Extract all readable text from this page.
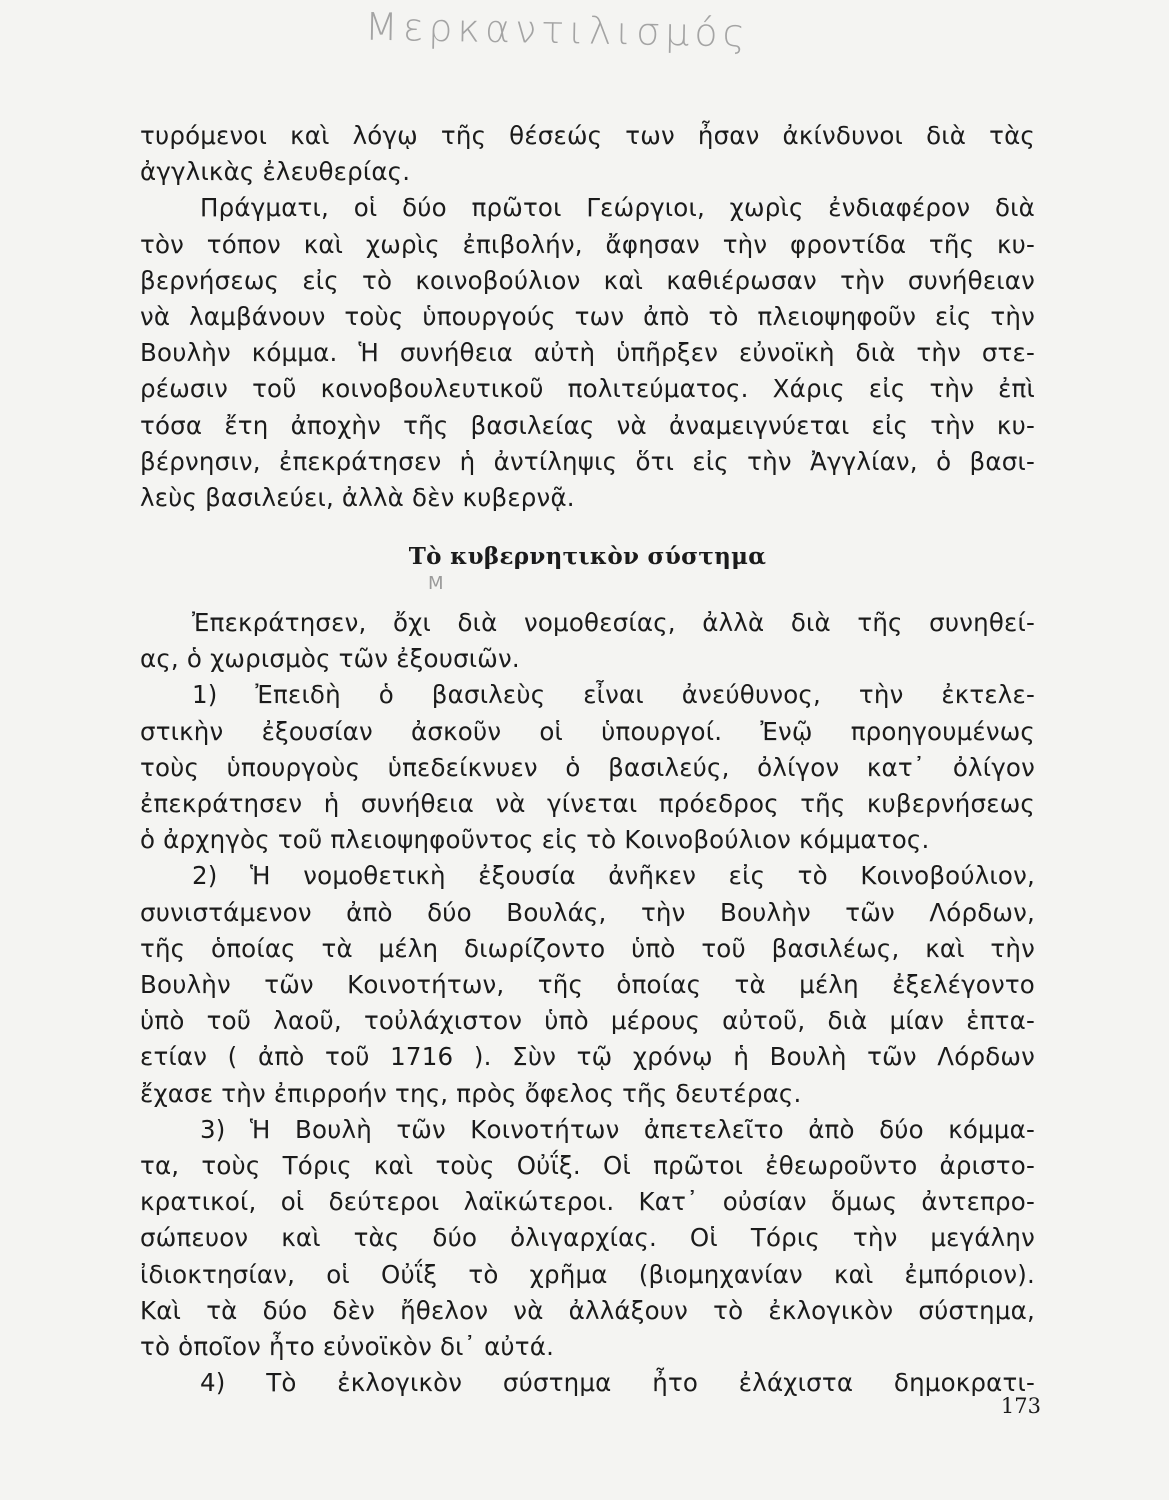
Μερκαντιλισμός
τυρόμενοι καὶ λόγῳ τῆς θέσεώς των ἦσαν ἀκίνδυνοι διὰ τὰς
ἀγγλικὰς ἐλευθερίας.
Πράγματι, οἱ δύο πρῶτοι Γεώργιοι, χωρὶς ἐνδιαφέρον διὰ
τὸν τόπον καὶ χωρὶς ἐπιβολήν, ἄφησαν τὴν φροντίδα τῆς κυ-
βερνήσεως εἰς τὸ κοινοβούλιον καὶ καθιέρωσαν τὴν συνήθειαν
νὰ λαμβάνουν τοὺς ὑπουργούς των ἀπὸ τὸ πλειοψηφοῦν εἰς τὴν
Βουλὴν κόμμα. Ἡ συνήθεια αὐτὴ ὑπῆρξεν εὐνοϊκὴ διὰ τὴν στε-
ρέωσιν τοῦ κοινοβουλευτικοῦ πολιτεύματος. Χάρις εἰς τὴν ἐπὶ
τόσα ἔτη ἀποχὴν τῆς βασιλείας νὰ ἀναμειγνύεται εἰς τὴν κυ-
βέρνησιν, ἐπεκράτησεν ἡ ἀντίληψις ὅτι εἰς τὴν Ἀγγλίαν, ὁ βασι-
λεὺς βασιλεύει, ἀλλὰ δὲν κυβερνᾷ.
Τὸ κυβερνητικὸν σύστημα
Μ
Ἐπεκράτησεν, ὄχι διὰ νομοθεσίας, ἀλλὰ διὰ τῆς συνηθεί-
ας, ὁ χωρισμὸς τῶν ἐξουσιῶν.
1) Ἐπειδὴ ὁ βασιλεὺς εἶναι ἀνεύθυνος, τὴν ἐκτελε-
στικὴν ἐξουσίαν ἀσκοῦν οἱ ὑπουργοί. Ἐνῷ προηγουμένως
τοὺς ὑπουργοὺς ὑπεδείκνυεν ὁ βασιλεύς, ὀλίγον κατ᾿ ὀλίγον
ἐπεκράτησεν ἡ συνήθεια νὰ γίνεται πρόεδρος τῆς κυβερνήσεως
ὁ ἀρχηγὸς τοῦ πλειοψηφοῦντος εἰς τὸ Κοινοβούλιον κόμματος.
2) Ἡ νομοθετικὴ ἐξουσία ἀνῆκεν εἰς τὸ Κοινοβούλιον,
συνιστάμενον ἀπὸ δύο Βουλάς, τὴν Βουλὴν τῶν Λόρδων,
τῆς ὁποίας τὰ μέλη διωρίζοντο ὑπὸ τοῦ βασιλέως, καὶ τὴν
Βουλὴν τῶν Κοινοτήτων, τῆς ὁποίας τὰ μέλη ἐξελέγοντο
ὑπὸ τοῦ λαοῦ, τοὐλάχιστον ὑπὸ μέρους αὐτοῦ, διὰ μίαν ἑπτα-
ετίαν ( ἀπὸ τοῦ 1716 ). Σὺν τῷ χρόνῳ ἡ Βουλὴ τῶν Λόρδων
ἔχασε τὴν ἐπιρροήν της, πρὸς ὄφελος τῆς δευτέρας.
3) Ἡ Βουλὴ τῶν Κοινοτήτων ἀπετελεῖτο ἀπὸ δύο κόμμα-
τα, τοὺς Τόρις καὶ τοὺς Οὐΐξ. Οἱ πρῶτοι ἐθεωροῦντο ἀριστο-
κρατικοί, οἱ δεύτεροι λαϊκώτεροι. Κατ᾿ οὐσίαν ὅμως ἀντεπρο-
σώπευον καὶ τὰς δύο ὀλιγαρχίας. Οἱ Τόρις τὴν μεγάλην
ἰδιοκτησίαν, οἱ Οὐΐξ τὸ χρῆμα (βιομηχανίαν καὶ ἐμπόριον).
Καὶ τὰ δύο δὲν ἤθελον νὰ ἀλλάξουν τὸ ἐκλογικὸν σύστημα,
τὸ ὁποῖον ἦτο εὐνοϊκὸν δι᾿ αὐτά.
4) Τὸ ἐκλογικὸν σύστημα ἦτο ἐλάχιστα δημοκρατι-
173
